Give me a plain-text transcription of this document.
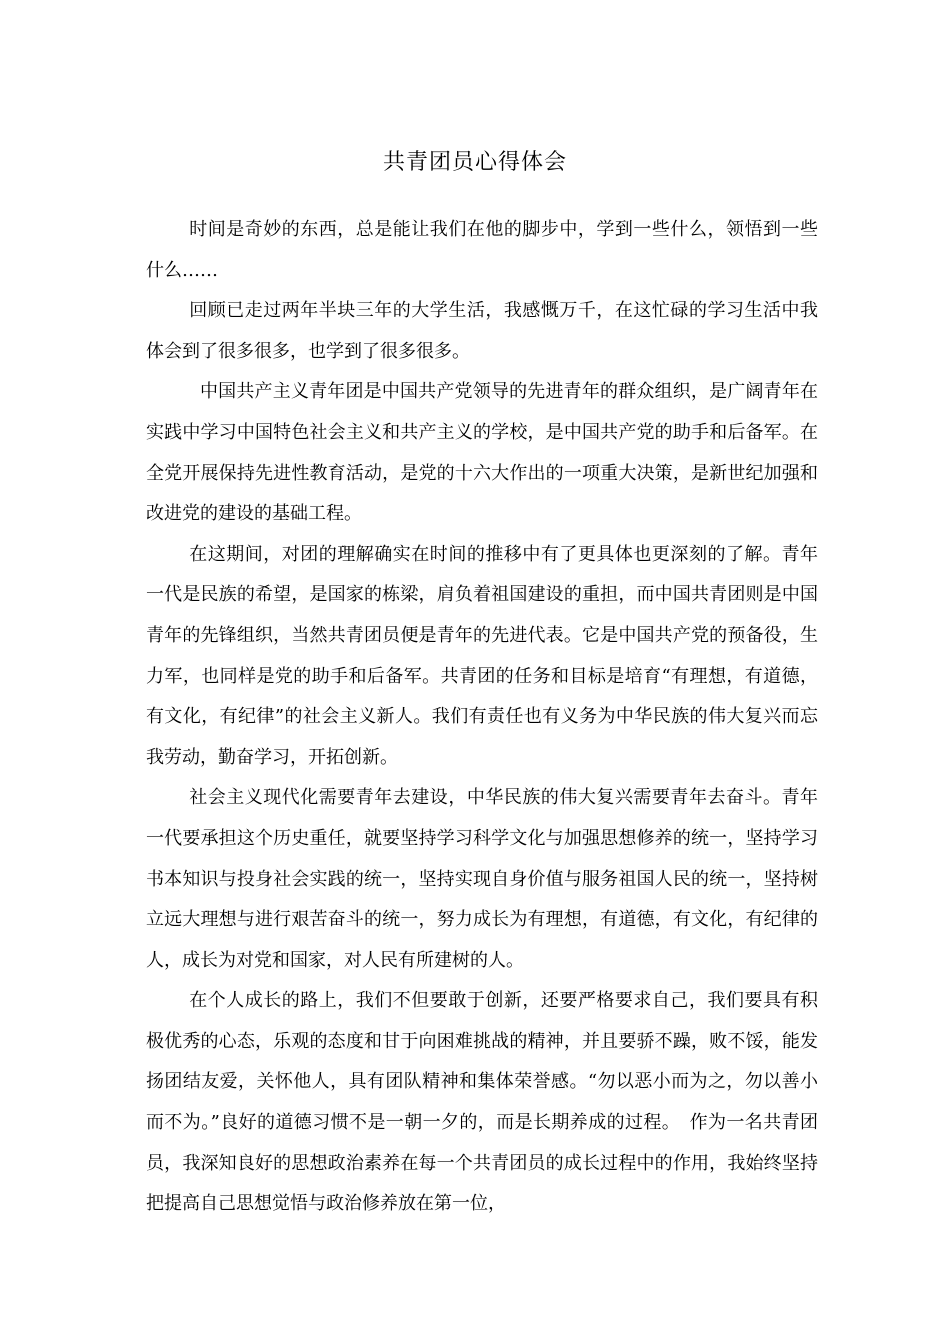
共青团员心得体会

时间是奇妙的东西，总是能让我们在他的脚步中，学到一些什么，领悟到一些什么……

回顾已走过两年半块三年的大学生活，我感慨万千，在这忙碌的学习生活中我体会到了很多很多，也学到了很多很多。

中国共产主义青年团是中国共产党领导的先进青年的群众组织，是广阔青年在实践中学习中国特色社会主义和共产主义的学校，是中国共产党的助手和后备军。在全党开展保持先进性教育活动，是党的十六大作出的一项重大决策，是新世纪加强和改进党的建设的基础工程。

在这期间，对团的理解确实在时间的推移中有了更具体也更深刻的了解。青年一代是民族的希望，是国家的栋梁，肩负着祖国建设的重担，而中国共青团则是中国青年的先锋组织，当然共青团员便是青年的先进代表。它是中国共产党的预备役，生力军，也同样是党的助手和后备军。共青团的任务和目标是培育“有理想，有道德，有文化，有纪律”的社会主义新人。我们有责任也有义务为中华民族的伟大复兴而忘我劳动，勤奋学习，开拓创新。

社会主义现代化需要青年去建设，中华民族的伟大复兴需要青年去奋斗。青年一代要承担这个历史重任，就要坚持学习科学文化与加强思想修养的统一，坚持学习书本知识与投身社会实践的统一，坚持实现自身价值与服务祖国人民的统一，坚持树立远大理想与进行艰苦奋斗的统一，努力成长为有理想，有道德，有文化，有纪律的人，成长为对党和国家，对人民有所建树的人。

在个人成长的路上，我们不但要敢于创新，还要严格要求自己，我们要具有积极优秀的心态，乐观的态度和甘于向困难挑战的精神，并且要骄不躁，败不馁，能发扬团结友爱，关怀他人，具有团队精神和集体荣誉感。“勿以恶小而为之，勿以善小而不为。”良好的道德习惯不是一朝一夕的，而是长期养成的过程。　作为一名共青团员，我深知良好的思想政治素养在每一个共青团员的成长过程中的作用，我始终坚持把提高自己思想觉悟与政治修养放在第一位，
